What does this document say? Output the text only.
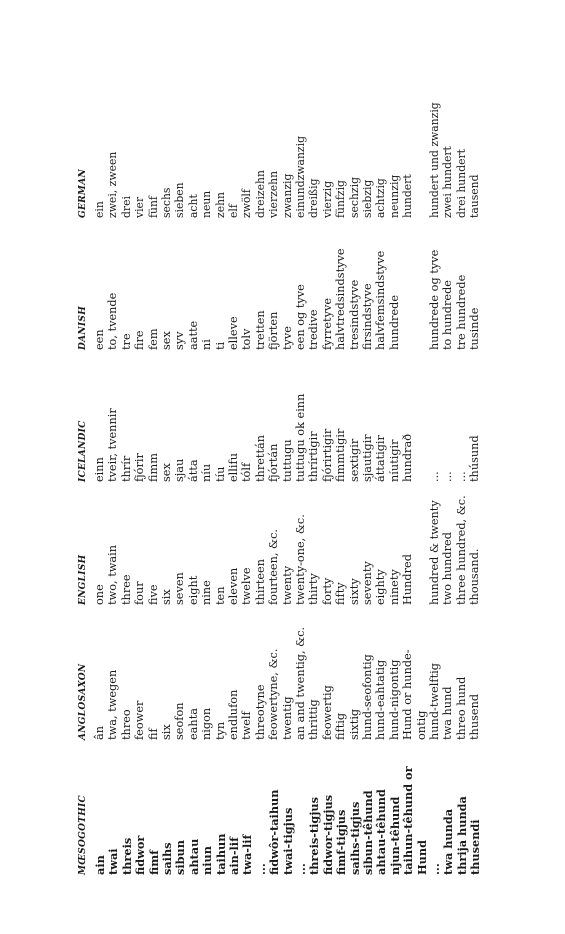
MŒSOGOTHIC ain twai threis fidwor fimf saihs sibun ahtau niun taihun ain-lif twa-lif ... fidwôr-taihun twai-tigjus ... threis-tigjus fidwor-tigjus fimf-tigjus saihs-tigjus sibun-têhund ahtau-têhund njun-têhund taihun-têhund or Hund ... twa hunda thrija hunda thusendi
ANGLOSAXON ân twa, twegen threo feower fif six seofon eahta nigon tyn endlufon twelf threotyne feowertyne, &c. twentig an and twentig, &c. thrittig feowertig fiftig sixtig hund-seofontig hund-eahtatig hund-nigontig Hund or hunde- ontig hund-twelftig twa hund threo hund thusend
ENGLISH one two, twain three four five six seven eight nine ten eleven twelve thirteen fourteen, &c. twenty twenty-one, &c. thirty forty fifty sixty seventy eighty ninety Hundred hundred & twenty two hundred three hundred, &c. thousand.
ICELANDIC einn tveir, tvennir thrír fjórir fimm sex sjau átta níu tíu ellifu tólf threttán fjórtán tuttugu tuttugu ok einn thrírtigir fjórirtigir fimmtigir sextigir sjautigir áttatigir níutigir hundrað ... ... ... thúsund
DANISH een to, tvende tre fire fem sex syv aatte ni ti elleve tolv tretten fjörten tyve een og tyve tredive fyrretyve halvtredsindstyve tresindstyve firsindstyve halvfemsindstyve hundrede hundrede og tyve to hundrede tre hundrede tusinde
GERMAN ein zwei, zween drei vier fünf sechs sieben acht neun zehn elf zwölf dreizehn vierzehn zwanzig einundzwanzig dreißig vierzig fünfzig sechzig siebzig achtzig neunzig hundert hundert und zwanzig zwei hundert drei hundert tausend
